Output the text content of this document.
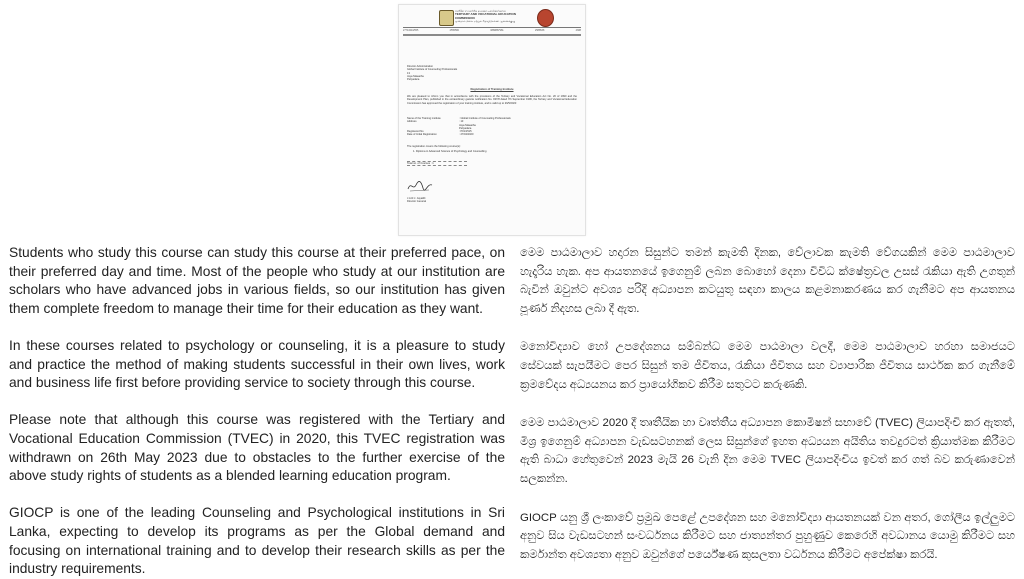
තෘතීයික හා වෘත්තීය අධ්‍යාපන කොමිෂන් සභාව
TERTIARY AND VOCATIONAL EDUCATION COMMISSION
மூன்றாம் நிலை மற்றும் தொழிற்கல்வி ஆணைக்குழு
2774344/2555	2555580	0888887981	2588538	4388
Director Administration
Global Institute of Counseling Professionals
13
Jaya Mawatha
Peliyadara
Registration of Training Institute
We are pleased to inform you that in accordance with the provisions of the Tertiary and Vocational Education Act No. 20 of 1990 and the Development Plan, published in the extraordinary gazette notification No. 937/8 dated 7th September 1996, the Tertiary and Vocational Education Commission has approved the registration of your training institute, and is valid up to 26/5/2023
Name of the Training institute	: Global Institute of Counseling Professionals
Address	: 13
Jaya Mawatha
Peliyadara
Registered No	: P01/1515
Date of Initial Registration	: 27/04/2020
The registration covers the following course(s):
1. Diploma in Advanced Science of Psychology and Counselling
Total no. of Courses : 1
J.A.R.J. Jayatilli
Director General

Students who study this course can study this course at their preferred pace, on their preferred day and time. Most of the people who study at our institution are scholars who have advanced jobs in various fields, so our institution has given them complete freedom to manage their time for their education as they want.

In these courses related to psychology or counseling, it is a pleasure to study and practice the method of making students successful in their own lives, work and business life first before providing service to society through this course.

Please note that although this course was registered with the Tertiary and Vocational Education Commission (TVEC) in 2020, this TVEC registration was withdrawn on 26th May 2023 due to obstacles to the further exercise of the above study rights of students as a blended learning education program.

GIOCP is one of the leading Counseling and Psychological institutions in Sri Lanka, expecting to develop its programs as per the Global demand and focusing on international training and to develop their research skills as per the industry requirements.

මෙම පාඨමාලාව හදාරන සිසුන්ට තමන් කැමති දිනක, වේලාවක කැමති වේගයකින් මෙම පාඨමාලාව හැදෑරිය හැක. අප ආයතනයේ ඉගෙනුම් ලබන බොහෝ දෙනා විවිධ ක්ෂේත්‍රවල උසස් රැකියා ඇති උගතුන් බැවින් ඔවුන්ට අවශ්‍ය පරිදි අධ්‍යාපන කටයුතු සඳහා කාලය කළමනාකරණය කර ගැනීමට අප ආයතනය පූර්ණ නිදහස ලබා දී ඇත.

මනෝවිද්‍යාව හෝ උපදේශනය සම්බන්ධ මෙම පාඨමාලා වලදී, මෙම පාඨමාලාව හරහා සමාජයට සේවයක් සැපයීමට පෙර සිසුන් තම ජීවිතය, රැකියා ජීවිතය සහ ව්‍යාපාරික ජීවිතය සාර්ථක කර ගැනීමේ ක්‍රමවේදය අධ්‍යයනය කර ප්‍රායෝගිකව කිරීම සතුටට කරුණකි.

මෙම පාඨමාලාව 2020 දී තෘතීයික හා වෘත්තීය අධ්‍යාපන කොමිෂන් සභාවේ (TVEC) ලියාපදිංචි කර ඇතත්, මිශ්‍ර ඉගෙනුම් අධ්‍යාපන වැඩසටහනක් ලෙස සිසුන්ගේ ඉහත අධ්‍යයන අයිතිය තවදුරටත් ක්‍රියාත්මක කිරීමට ඇති බාධා හේතුවෙන් 2023 මැයි 26 වැනි දින මෙම TVEC ලියාපදිංචිය ඉවත් කර ගත් බව කරුණාවෙන් සලකන්න.

GIOCP යනු ශ්‍රී ලංකාවේ ප්‍රමුඛ පෙළේ උපදේශන සහ මනෝවිද්‍යා ආයතනයක් වන අතර, ගෝලීය ඉල්ලුමට අනුව සිය වැඩසටහන් සංවර්ධනය කිරීමට සහ ජාත්‍යන්තර පුහුණුව කෙරෙහි අවධානය යොමු කිරීමට සහ කර්මාන්ත අවශ්‍යතා අනුව ඔවුන්ගේ පර්යේෂණ කුසලතා වර්ධනය කිරීමට අපේක්ෂා කරයි.
